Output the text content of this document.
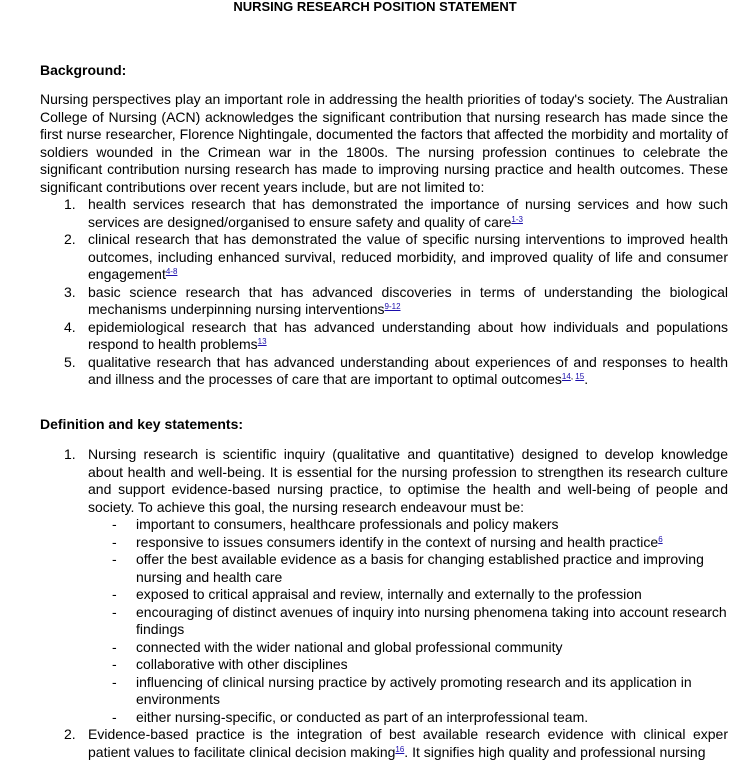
NURSING RESEARCH POSITION STATEMENT
Background:

Nursing perspectives play an important role in addressing the health priorities of today's society. The Australian College of Nursing (ACN) acknowledges the significant contribution that nursing research has made since the first nurse researcher, Florence Nightingale, documented the factors that affected the morbidity and mortality of soldiers wounded in the Crimean war in the 1800s. The nursing profession continues to celebrate the significant contribution nursing research has made to improving nursing practice and health outcomes. These significant contributions over recent years include, but are not limited to:

1. health services research that has demonstrated the importance of nursing services and how such services are designed/organised to ensure safety and quality of care$^{1-3}$
2. clinical research that has demonstrated the value of specific nursing interventions to improved health outcomes, including enhanced survival, reduced morbidity, and improved quality of life and consumer engagement$^{4-8}$
3. basic science research that has advanced discoveries in terms of understanding the biological mechanisms underpinning nursing interventions$^{9-12}$
4. epidemiological research that has advanced understanding about how individuals and populations respond to health problems$^{13}$
5. qualitative research that has advanced understanding about experiences of and responses to health and illness and the processes of care that are important to optimal outcomes$^{14, 15}$.
Definition and key statements:
1. Nursing research is scientific inquiry (qualitative and quantitative) designed to develop knowledge about health and well-being. It is essential for the nursing profession to strengthen its research culture and support evidence-based nursing practice, to optimise the health and well-being of people and society. To achieve this goal, the nursing research endeavour must be:
- important to consumers, healthcare professionals and policy makers
- responsive to issues consumers identify in the context of nursing and health practice$^6$
- offer the best available evidence as a basis for changing established practice and improving nursing and health care
- exposed to critical appraisal and review, internally and externally to the profession
- encouraging of distinct avenues of inquiry into nursing phenomena taking into account research findings
- connected with the wider national and global professional community
- collaborative with other disciplines
- influencing of clinical nursing practice by actively promoting research and its application in environments
- either nursing-specific, or conducted as part of an interprofessional team.
2. Evidence-based practice is the integration of best available research evidence with clinical exper patient values to facilitate clinical decision making$^{16}$. It signifies high quality and professional nursing
